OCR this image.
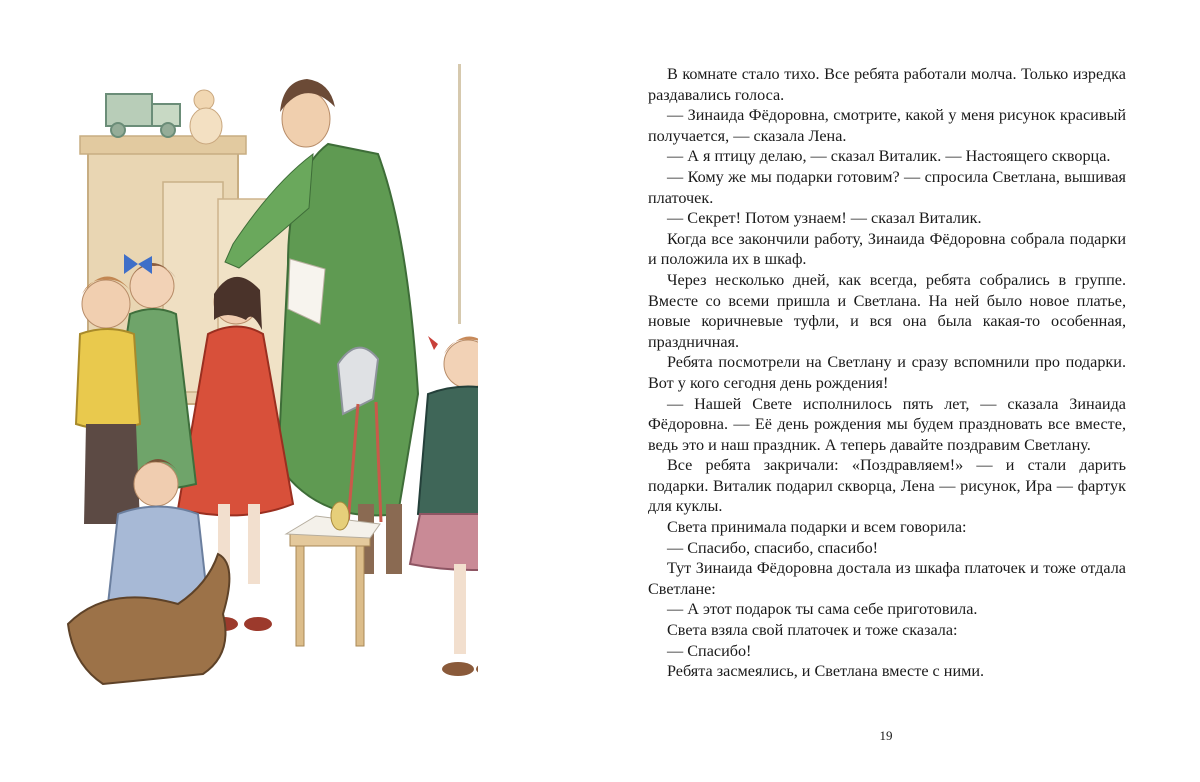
В комнате стало тихо. Все ребята работали молча. Только изредка раздавались голоса.

— Зинаида Фёдоровна, смотрите, какой у меня рисунок красивый получается, — сказала Лена.

— А я птицу делаю, — сказал Виталик. — Настоящего скворца.

— Кому же мы подарки готовим? — спросила Светлана, вышивая платочек.

— Секрет! Потом узнаем! — сказал Виталик.

Когда все закончили работу, Зинаида Фёдоровна собрала подарки и положила их в шкаф.

Через несколько дней, как всегда, ребята собрались в группе. Вместе со всеми пришла и Светлана. На ней было новое платье, новые коричневые туфли, и вся она была какая-то особенная, праздничная.

Ребята посмотрели на Светлану и сразу вспомнили про подарки. Вот у кого сегодня день рождения!

— Нашей Свете исполнилось пять лет, — сказала Зинаида Фёдоровна. — Её день рождения мы будем праздновать все вместе, ведь это и наш праздник. А теперь давайте поздравим Светлану.

Все ребята закричали: «Поздравляем!» — и стали дарить подарки. Виталик подарил скворца, Лена — рисунок, Ира — фартук для куклы.

Света принимала подарки и всем говорила:

— Спасибо, спасибо, спасибо!

Тут Зинаида Фёдоровна достала из шкафа платочек и тоже отдала Светлане:

— А этот подарок ты сама себе приготовила.

Света взяла свой платочек и тоже сказала:

— Спасибо!

Ребята засмеялись, и Светлана вместе с ними.

19
